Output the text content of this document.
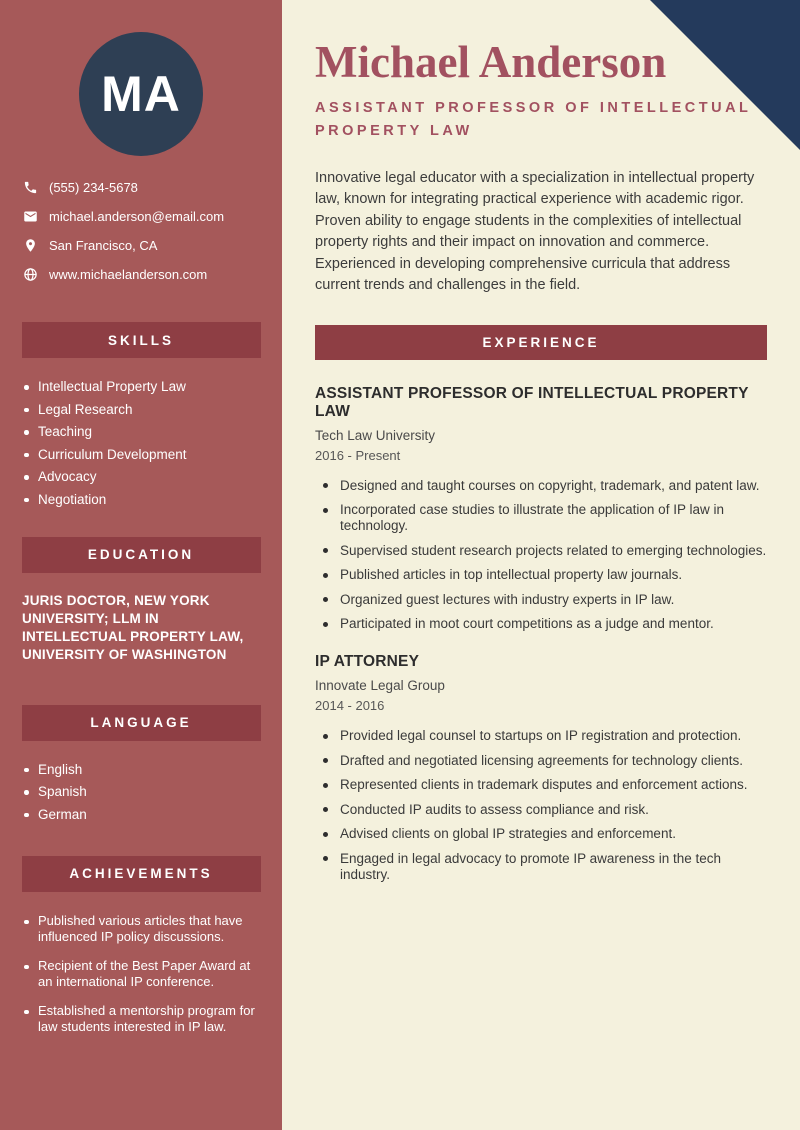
MA
(555) 234-5678
michael.anderson@email.com
San Francisco, CA
www.michaelanderson.com
SKILLS
Intellectual Property Law
Legal Research
Teaching
Curriculum Development
Advocacy
Negotiation
EDUCATION

JURIS DOCTOR, NEW YORK UNIVERSITY; LLM IN INTELLECTUAL PROPERTY LAW, UNIVERSITY OF WASHINGTON

LANGUAGE
English
Spanish
German
ACHIEVEMENTS
Published various articles that have influenced IP policy discussions.
Recipient of the Best Paper Award at an international IP conference.
Established a mentorship program for law students interested in IP law.
Michael Anderson
ASSISTANT PROFESSOR OF INTELLECTUAL PROPERTY LAW

Innovative legal educator with a specialization in intellectual property law, known for integrating practical experience with academic rigor. Proven ability to engage students in the complexities of intellectual property rights and their impact on innovation and commerce. Experienced in developing comprehensive curricula that address current trends and challenges in the field.

EXPERIENCE
ASSISTANT PROFESSOR OF INTELLECTUAL PROPERTY LAW
Tech Law University
2016 - Present
Designed and taught courses on copyright, trademark, and patent law.
Incorporated case studies to illustrate the application of IP law in technology.
Supervised student research projects related to emerging technologies.
Published articles in top intellectual property law journals.
Organized guest lectures with industry experts in IP law.
Participated in moot court competitions as a judge and mentor.
IP ATTORNEY
Innovate Legal Group
2014 - 2016
Provided legal counsel to startups on IP registration and protection.
Drafted and negotiated licensing agreements for technology clients.
Represented clients in trademark disputes and enforcement actions.
Conducted IP audits to assess compliance and risk.
Advised clients on global IP strategies and enforcement.
Engaged in legal advocacy to promote IP awareness in the tech industry.
